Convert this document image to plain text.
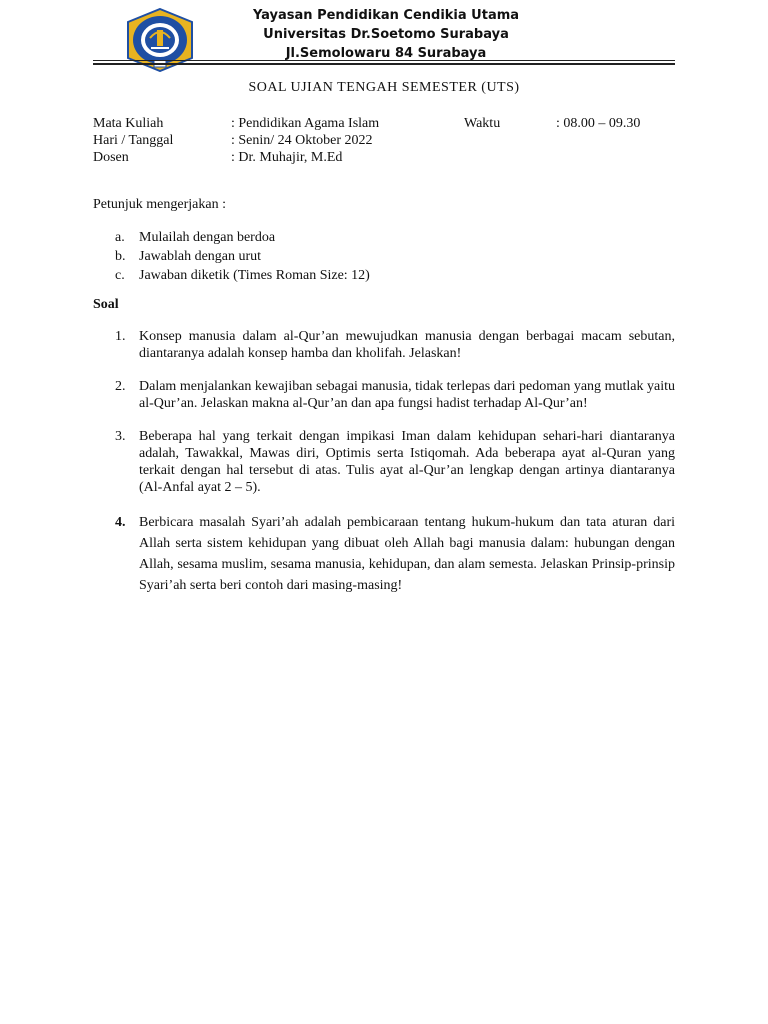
Yayasan Pendidikan Cendikia Utama
Universitas Dr.Soetomo Surabaya
Jl.Semolowaru 84 Surabaya
SOAL UJIAN TENGAH SEMESTER (UTS)
Mata Kuliah	: Pendidikan Agama Islam	Waktu	: 08.00 – 09.30
Hari / Tanggal	: Senin/ 24 Oktober 2022
Dosen	: Dr. Muhajir, M.Ed
Petunjuk mengerjakan :
a. Mulailah dengan berdoa
b. Jawablah dengan urut
c. Jawaban diketik (Times Roman Size: 12)
Soal
1. Konsep manusia dalam al-Qur’an mewujudkan manusia dengan berbagai macam sebutan, diantaranya adalah konsep hamba dan kholifah. Jelaskan!
2. Dalam menjalankan kewajiban sebagai manusia, tidak terlepas dari pedoman yang mutlak yaitu al-Qur’an. Jelaskan makna al-Qur’an dan apa fungsi hadist terhadap Al-Qur’an!
3. Beberapa hal yang terkait dengan impikasi Iman dalam kehidupan sehari-hari diantaranya adalah, Tawakkal, Mawas diri, Optimis serta Istiqomah. Ada beberapa ayat al-Quran yang terkait dengan hal tersebut di atas. Tulis ayat al-Qur’an lengkap dengan artinya diantaranya (Al-Anfal ayat 2 – 5).
4. Berbicara masalah Syari’ah adalah pembicaraan tentang hukum-hukum dan tata aturan dari Allah serta sistem kehidupan yang dibuat oleh Allah bagi manusia dalam: hubungan dengan Allah, sesama muslim, sesama manusia, kehidupan, dan alam semesta. Jelaskan Prinsip-prinsip Syari’ah serta beri contoh dari masing-masing!
